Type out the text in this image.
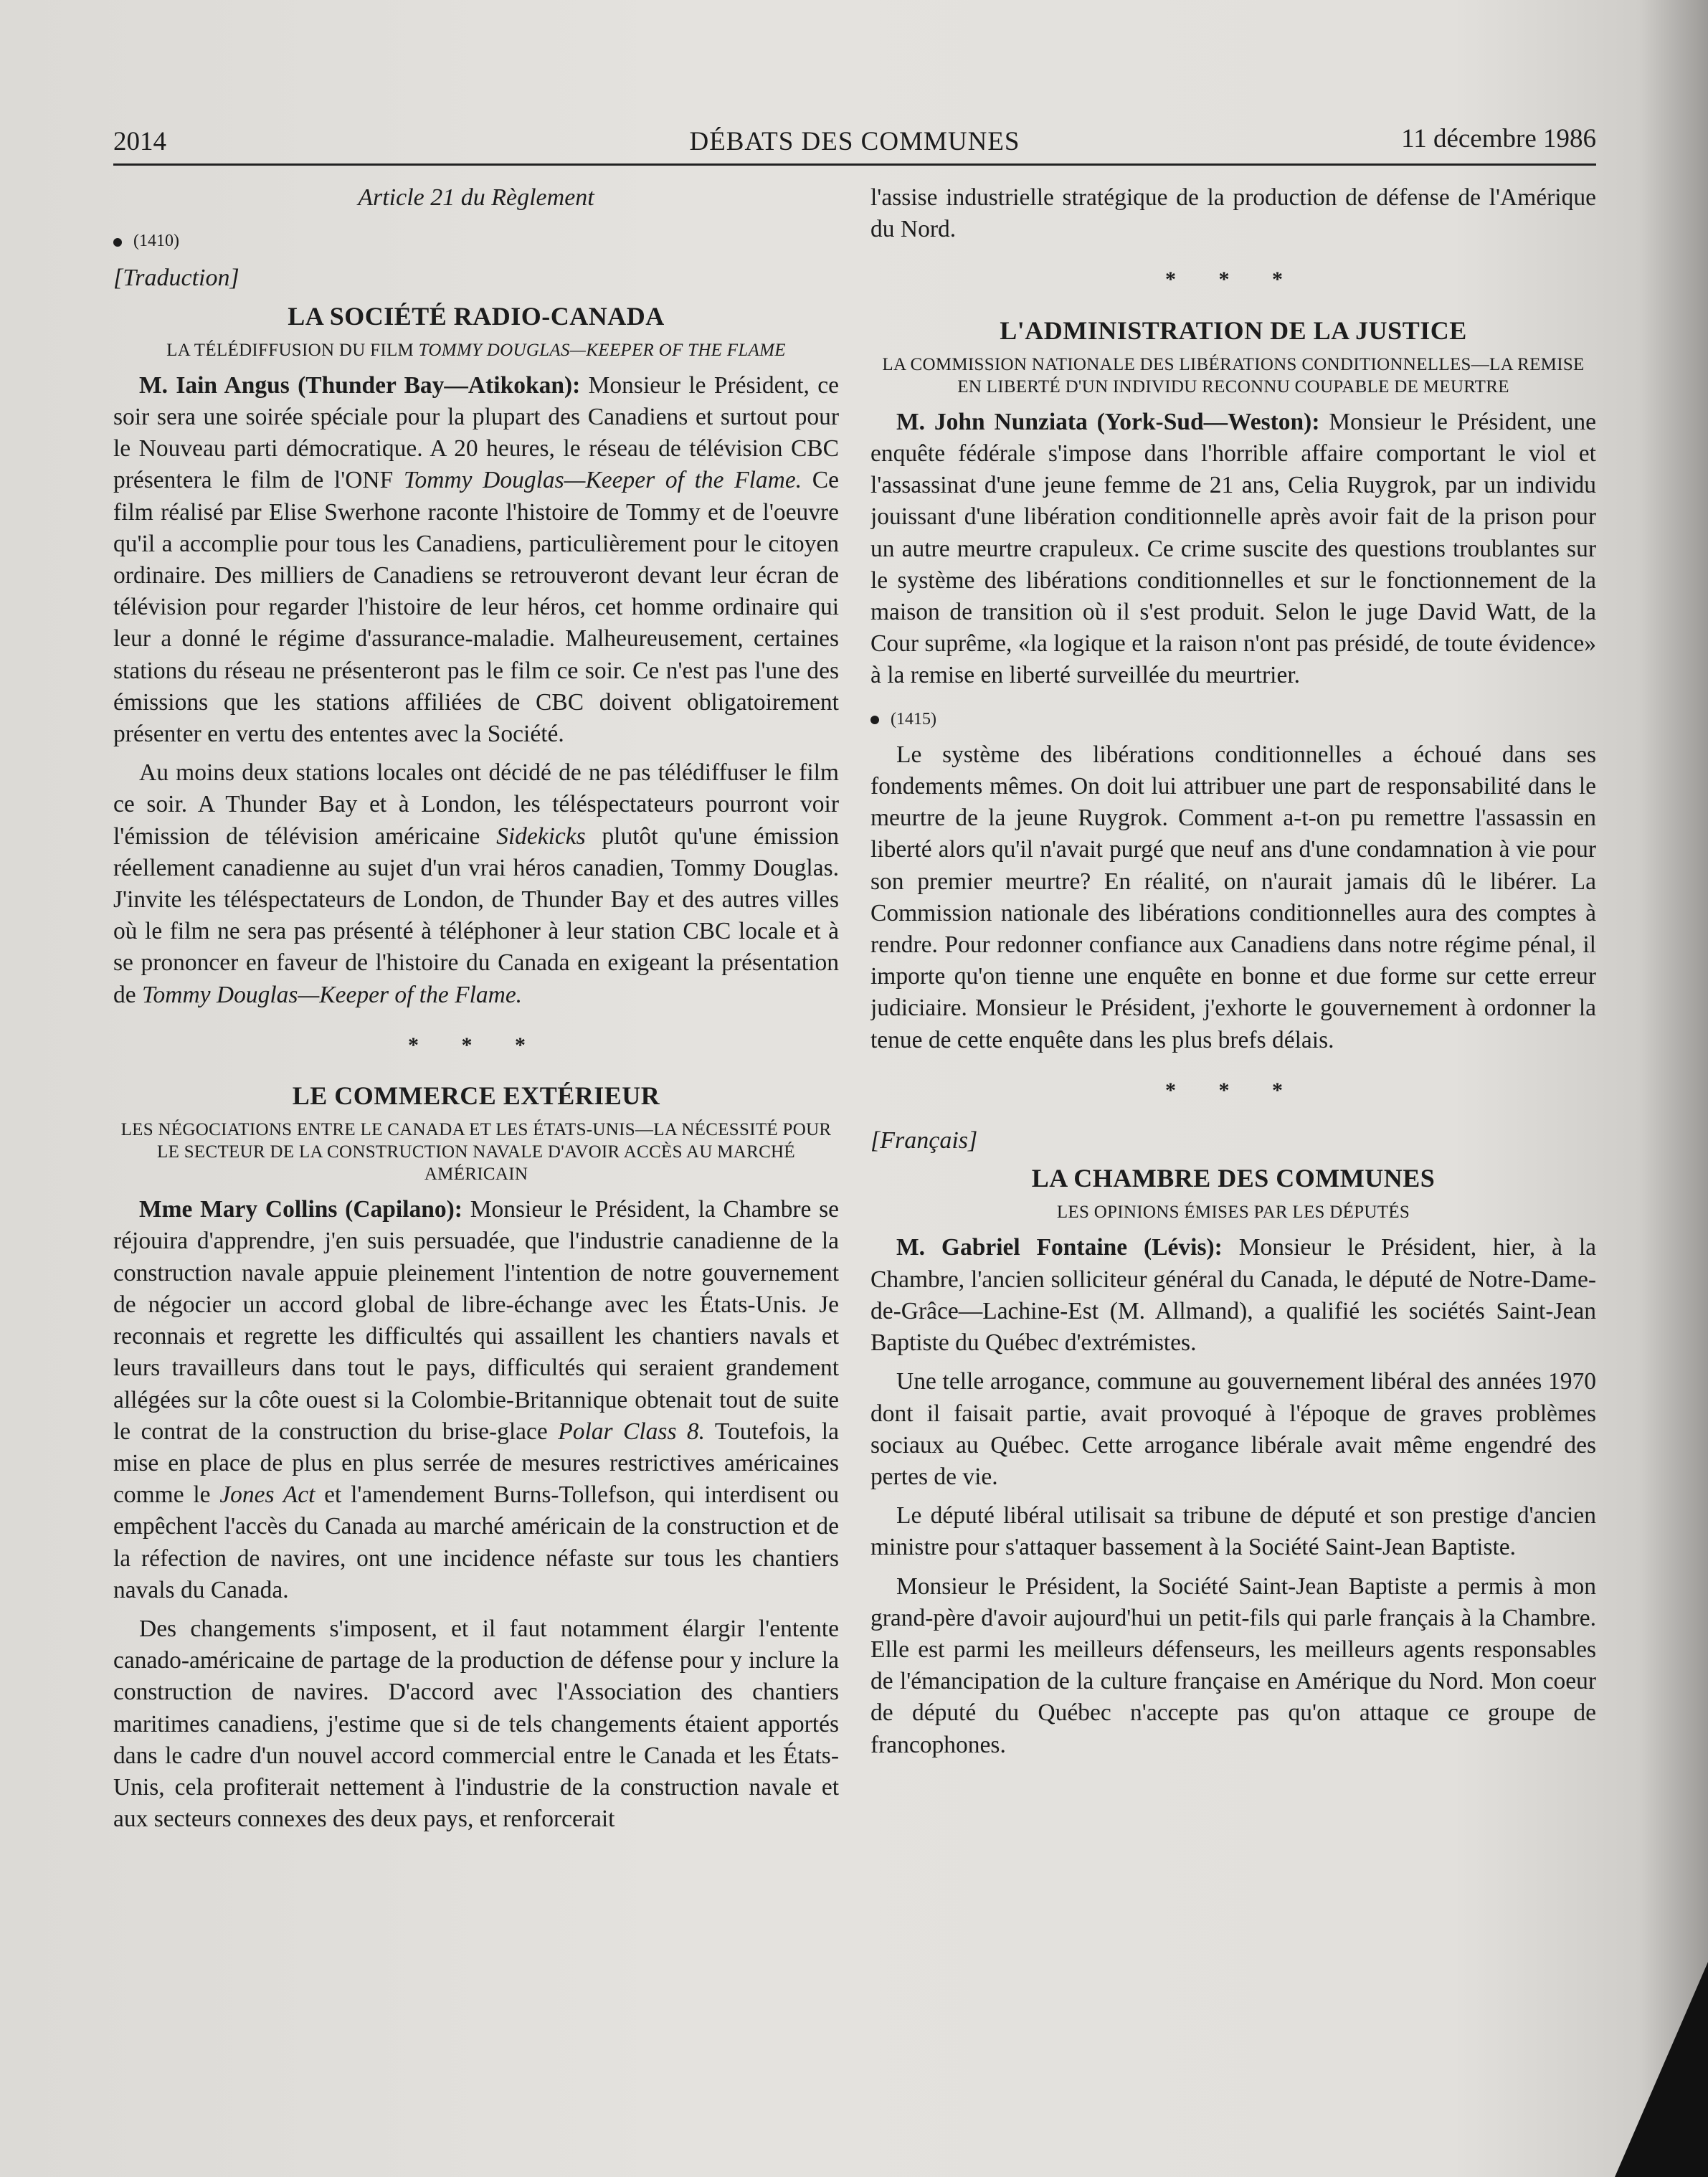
2014	DÉBATS DES COMMUNES	11 décembre 1986
Article 21 du Règlement
(1410)
[Traduction]
LA SOCIÉTÉ RADIO-CANADA
LA TÉLÉDIFFUSION DU FILM TOMMY DOUGLAS—KEEPER OF THE FLAME

M. Iain Angus (Thunder Bay—Atikokan): Monsieur le Président, ce soir sera une soirée spéciale pour la plupart des Canadiens et surtout pour le Nouveau parti démocratique. A 20 heures, le réseau de télévision CBC présentera le film de l'ONF Tommy Douglas—Keeper of the Flame. Ce film réalisé par Elise Swerhone raconte l'histoire de Tommy et de l'oeuvre qu'il a accomplie pour tous les Canadiens, particulièrement pour le citoyen ordinaire. Des milliers de Canadiens se retrouveront devant leur écran de télévision pour regarder l'histoire de leur héros, cet homme ordinaire qui leur a donné le régime d'assurance-maladie. Malheureusement, certaines stations du réseau ne présenteront pas le film ce soir. Ce n'est pas l'une des émissions que les stations affiliées de CBC doivent obligatoirement présenter en vertu des ententes avec la Société.

Au moins deux stations locales ont décidé de ne pas télédiffuser le film ce soir. A Thunder Bay et à London, les téléspectateurs pourront voir l'émission de télévision américaine Sidekicks plutôt qu'une émission réellement canadienne au sujet d'un vrai héros canadien, Tommy Douglas. J'invite les téléspectateurs de London, de Thunder Bay et des autres villes où le film ne sera pas présenté à téléphoner à leur station CBC locale et à se prononcer en faveur de l'histoire du Canada en exigeant la présentation de Tommy Douglas—Keeper of the Flame.

* * *
LE COMMERCE EXTÉRIEUR
LES NÉGOCIATIONS ENTRE LE CANADA ET LES ÉTATS-UNIS—LA NÉCESSITÉ POUR LE SECTEUR DE LA CONSTRUCTION NAVALE D'AVOIR ACCÈS AU MARCHÉ AMÉRICAIN

Mme Mary Collins (Capilano): Monsieur le Président, la Chambre se réjouira d'apprendre, j'en suis persuadée, que l'industrie canadienne de la construction navale appuie pleinement l'intention de notre gouvernement de négocier un accord global de libre-échange avec les États-Unis. Je reconnais et regrette les difficultés qui assaillent les chantiers navals et leurs travailleurs dans tout le pays, difficultés qui seraient grandement allégées sur la côte ouest si la Colombie-Britannique obtenait tout de suite le contrat de la construction du brise-glace Polar Class 8. Toutefois, la mise en place de plus en plus serrée de mesures restrictives américaines comme le Jones Act et l'amendement Burns-Tollefson, qui interdisent ou empêchent l'accès du Canada au marché américain de la construction et de la réfection de navires, ont une incidence néfaste sur tous les chantiers navals du Canada.

Des changements s'imposent, et il faut notamment élargir l'entente canado-américaine de partage de la production de défense pour y inclure la construction de navires. D'accord avec l'Association des chantiers maritimes canadiens, j'estime que si de tels changements étaient apportés dans le cadre d'un nouvel accord commercial entre le Canada et les États-Unis, cela profiterait nettement à l'industrie de la construction navale et aux secteurs connexes des deux pays, et renforcerait

l'assise industrielle stratégique de la production de défense de l'Amérique du Nord.

* * *
L'ADMINISTRATION DE LA JUSTICE
LA COMMISSION NATIONALE DES LIBÉRATIONS CONDITIONNELLES—LA REMISE EN LIBERTÉ D'UN INDIVIDU RECONNU COUPABLE DE MEURTRE

M. John Nunziata (York-Sud—Weston): Monsieur le Président, une enquête fédérale s'impose dans l'horrible affaire comportant le viol et l'assassinat d'une jeune femme de 21 ans, Celia Ruygrok, par un individu jouissant d'une libération conditionnelle après avoir fait de la prison pour un autre meurtre crapuleux. Ce crime suscite des questions troublantes sur le système des libérations conditionnelles et sur le fonctionnement de la maison de transition où il s'est produit. Selon le juge David Watt, de la Cour suprême, «la logique et la raison n'ont pas présidé, de toute évidence» à la remise en liberté surveillée du meurtrier.

(1415)

Le système des libérations conditionnelles a échoué dans ses fondements mêmes. On doit lui attribuer une part de responsabilité dans le meurtre de la jeune Ruygrok. Comment a-t-on pu remettre l'assassin en liberté alors qu'il n'avait purgé que neuf ans d'une condamnation à vie pour son premier meurtre? En réalité, on n'aurait jamais dû le libérer. La Commission nationale des libérations conditionnelles aura des comptes à rendre. Pour redonner confiance aux Canadiens dans notre régime pénal, il importe qu'on tienne une enquête en bonne et due forme sur cette erreur judiciaire. Monsieur le Président, j'exhorte le gouvernement à ordonner la tenue de cette enquête dans les plus brefs délais.

* * *
[Français]
LA CHAMBRE DES COMMUNES
LES OPINIONS ÉMISES PAR LES DÉPUTÉS

M. Gabriel Fontaine (Lévis): Monsieur le Président, hier, à la Chambre, l'ancien solliciteur général du Canada, le député de Notre-Dame-de-Grâce—Lachine-Est (M. Allmand), a qualifié les sociétés Saint-Jean Baptiste du Québec d'extrémistes.

Une telle arrogance, commune au gouvernement libéral des années 1970 dont il faisait partie, avait provoqué à l'époque de graves problèmes sociaux au Québec. Cette arrogance libérale avait même engendré des pertes de vie.

Le député libéral utilisait sa tribune de député et son prestige d'ancien ministre pour s'attaquer bassement à la Société Saint-Jean Baptiste.

Monsieur le Président, la Société Saint-Jean Baptiste a permis à mon grand-père d'avoir aujourd'hui un petit-fils qui parle français à la Chambre. Elle est parmi les meilleurs défenseurs, les meilleurs agents responsables de l'émancipation de la culture française en Amérique du Nord. Mon coeur de député du Québec n'accepte pas qu'on attaque ce groupe de francophones.
